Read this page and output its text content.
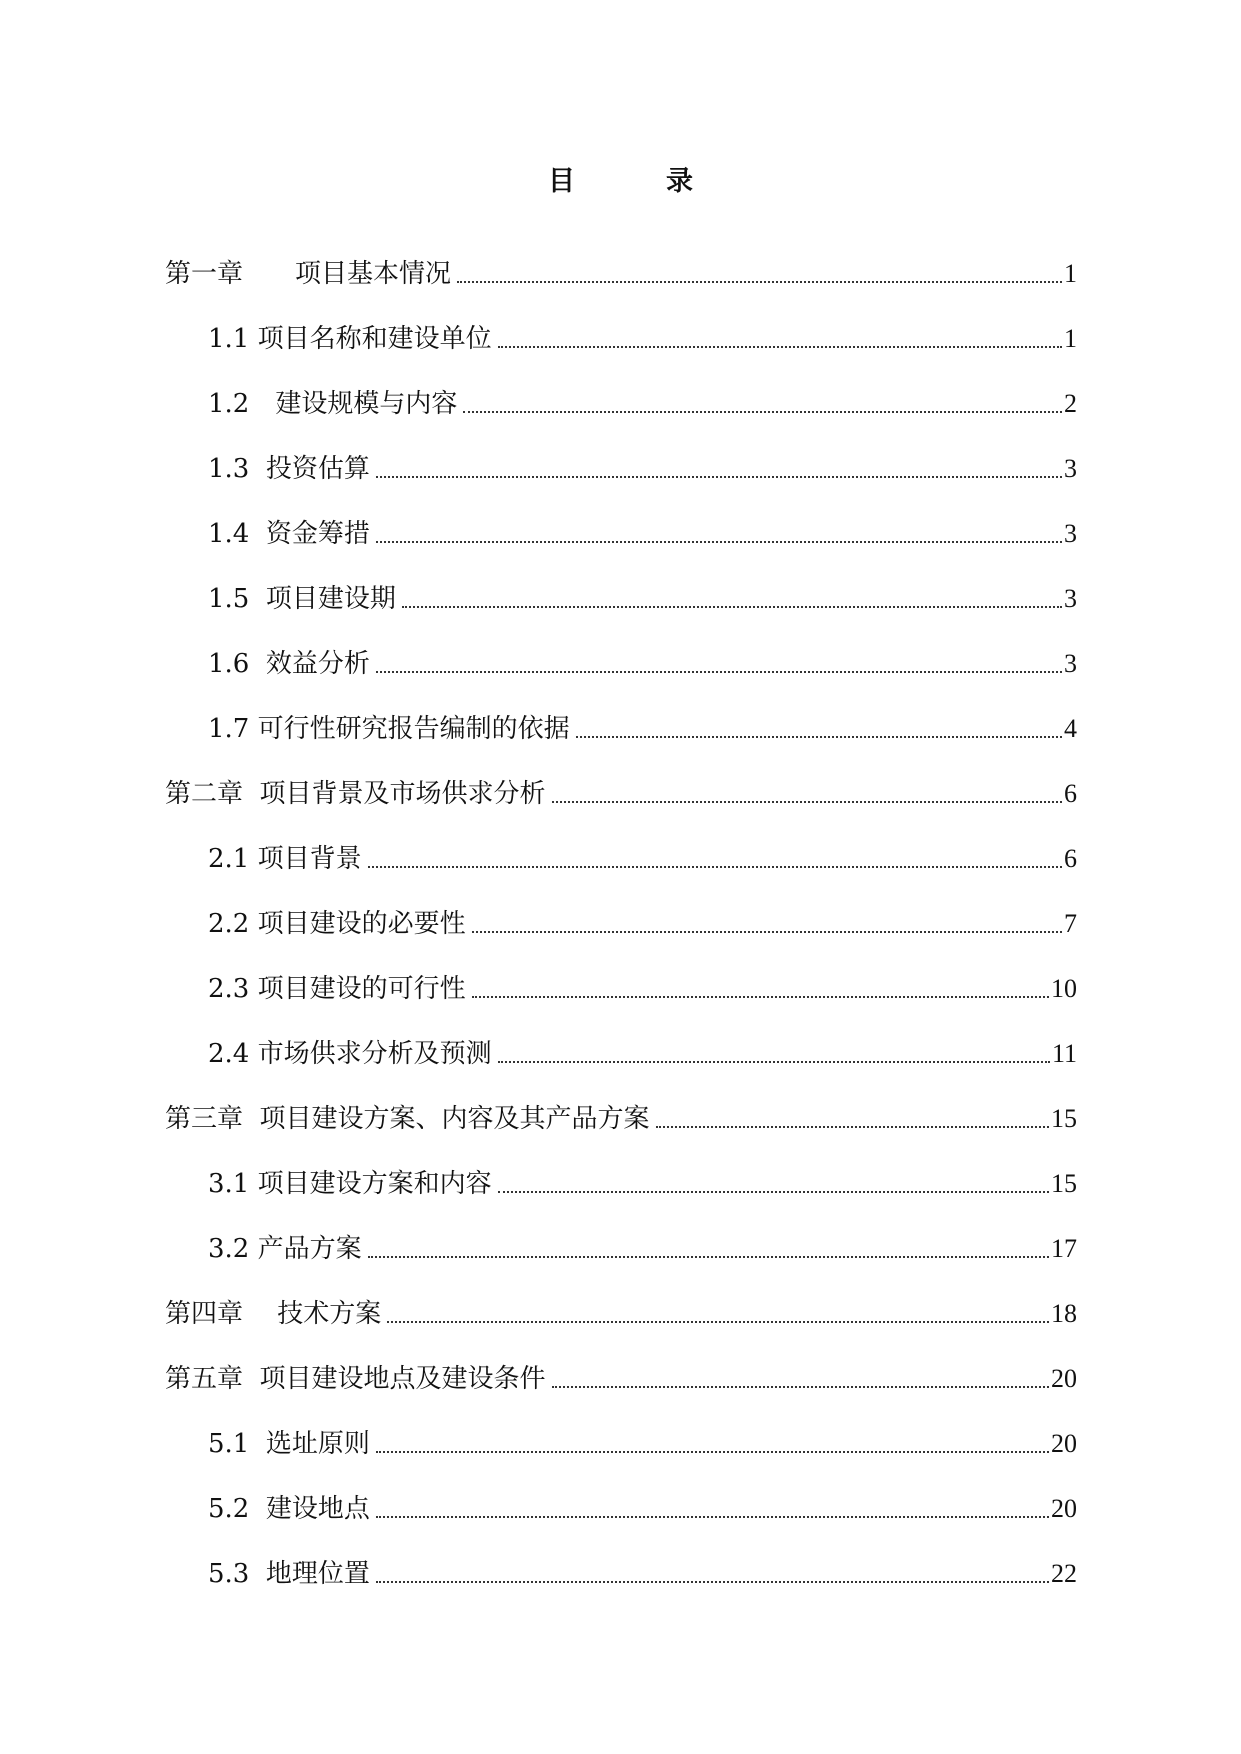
目　录
第一章　　项目基本情况	1
1.1 项目名称和建设单位	1
1.2　建设规模与内容	2
1.3  投资估算	3
1.4  资金筹措	3
1.5  项目建设期	3
1.6  效益分析	3
1.7 可行性研究报告编制的依据	4
第二章  项目背景及市场供求分析	6
2.1 项目背景	6
2.2 项目建设的必要性	7
2.3 项目建设的可行性	10
2.4 市场供求分析及预测	11
第三章  项目建设方案、内容及其产品方案	15
3.1 项目建设方案和内容	15
3.2 产品方案	17
第四章　 技术方案	18
第五章  项目建设地点及建设条件	20
5.1  选址原则	20
5.2  建设地点	20
5.3  地理位置	22
